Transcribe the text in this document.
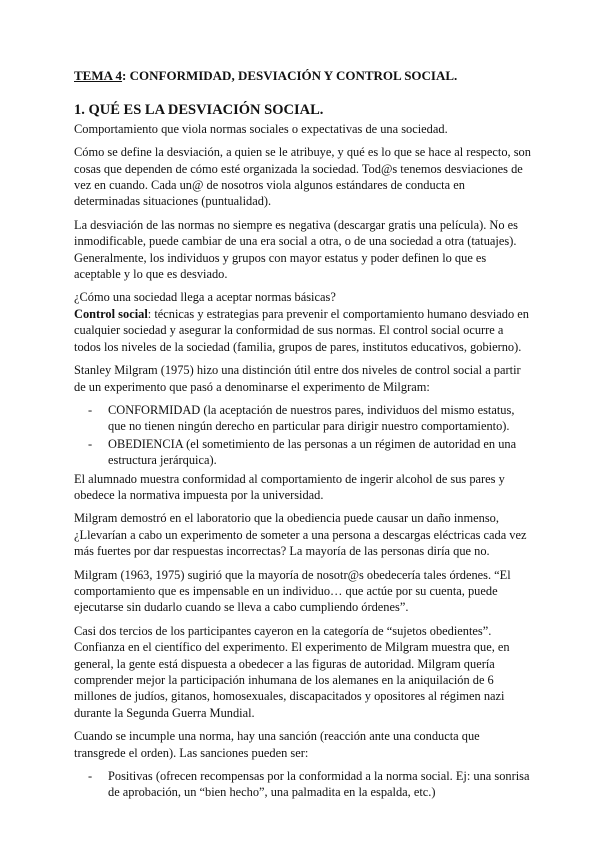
TEMA 4: CONFORMIDAD, DESVIACIÓN Y CONTROL SOCIAL.
1. QUÉ ES LA DESVIACIÓN SOCIAL.

Comportamiento que viola normas sociales o expectativas de una sociedad.

Cómo se define la desviación, a quien se le atribuye, y qué es lo que se hace al respecto, son cosas que dependen de cómo esté organizada la sociedad. Tod@s tenemos desviaciones de vez en cuando. Cada un@ de nosotros viola algunos estándares de conducta en determinadas situaciones (puntualidad).

La desviación de las normas no siempre es negativa (descargar gratis una película). No es inmodificable, puede cambiar de una era social a otra, o de una sociedad a otra (tatuajes). Generalmente, los individuos y grupos con mayor estatus y poder definen lo que es aceptable y lo que es desviado.

¿Cómo una sociedad llega a aceptar normas básicas?

Control social: técnicas y estrategias para prevenir el comportamiento humano desviado en cualquier sociedad y asegurar la conformidad de sus normas. El control social ocurre a todos los niveles de la sociedad (familia, grupos de pares, institutos educativos, gobierno).

Stanley Milgram (1975) hizo una distinción útil entre dos niveles de control social a partir de un experimento que pasó a denominarse el experimento de Milgram:

- CONFORMIDAD (la aceptación de nuestros pares, individuos del mismo estatus, que no tienen ningún derecho en particular para dirigir nuestro comportamiento).
- OBEDIENCIA (el sometimiento de las personas a un régimen de autoridad en una estructura jerárquica).

El alumnado muestra conformidad al comportamiento de ingerir alcohol de sus pares y obedece la normativa impuesta por la universidad.

Milgram demostró en el laboratorio que la obediencia puede causar un daño inmenso, ¿Llevarían a cabo un experimento de someter a una persona a descargas eléctricas cada vez más fuertes por dar respuestas incorrectas? La mayoría de las personas diría que no.

Milgram (1963, 1975) sugirió que la mayoría de nosotr@s obedecería tales órdenes. “El comportamiento que es impensable en un individuo… que actúe por su cuenta, puede ejecutarse sin dudarlo cuando se lleva a cabo cumpliendo órdenes”.

Casi dos tercios de los participantes cayeron en la categoría de “sujetos obedientes”. Confianza en el científico del experimento. El experimento de Milgram muestra que, en general, la gente está dispuesta a obedecer a las figuras de autoridad. Milgram quería comprender mejor la participación inhumana de los alemanes en la aniquilación de 6 millones de judíos, gitanos, homosexuales, discapacitados y opositores al régimen nazi durante la Segunda Guerra Mundial.

Cuando se incumple una norma, hay una sanción (reacción ante una conducta que transgrede el orden). Las sanciones pueden ser:

- Positivas (ofrecen recompensas por la conformidad a la norma social. Ej: una sonrisa de aprobación, un “bien hecho”, una palmadita en la espalda, etc.)
